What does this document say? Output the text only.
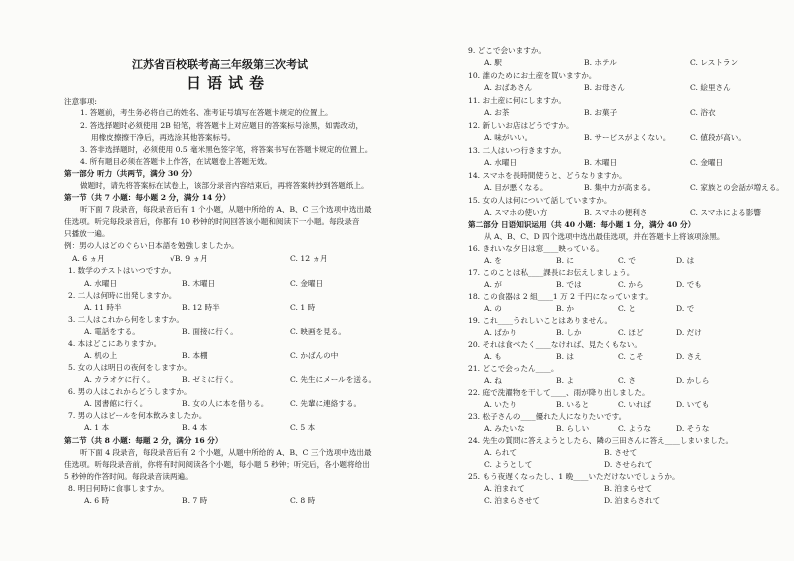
江苏省百校联考高三年级第三次考试
日语试卷
注意事项:
1. 答题前，考生务必将自己的姓名、准考证号填写在答题卡规定的位置上。
2. 答选择题时必须使用 2B 铅笔，将答题卡上对应题目的答案标号涂黑，如需改动，
用橡皮擦擦干净后，再选涂其他答案标号。
3. 答非选择题时，必须使用 0.5 毫米黑色签字笔，将答案书写在答题卡规定的位置上。
4. 所有题目必须在答题卡上作答，在试题卷上答题无效。
第一部分 听力（共两节，满分 30 分）
做题时，请先将答案标在试卷上，该部分录音内容结束后，再将答案转抄到答题纸上。
第一节（共 7 小题：每小题 2 分，满分 14 分）
听下面 7 段录音，每段录音后有 1 个小题，从题中所给的 A、B、C 三个选项中选出最
佳选项。听完每段录音后，你都有 10 秒钟的时间回答该小题和阅读下一小题。每段录音
只播放一遍。
例：男の人はどのぐらい日本語を勉強しましたか。
A. 6 ヵ月	√B. 9 ヵ月	C. 12 ヵ月
1. 数学のテストはいつですか。
A. 水曜日	B. 木曜日	C. 金曜日
2. 二人は何時に出発しますか。
A. 11 時半	B. 12 時半	C. 1 時
3. 二人はこれから何をしますか。
A. 電話をする。	B. 面接に行く。	C. 映画を見る。
4. 本はどこにありますか。
A. 机の上	B. 本棚	C. かばんの中
5. 女の人は明日の夜何をしますか。
A. カラオケに行く。	B. ゼミに行く。	C. 先生にメールを送る。
6. 男の人はこれからどうしますか。
A. 図書館に行く。	B. 女の人に本を借りる。	C. 先輩に連絡する。
7. 男の人はビールを何本飲みましたか。
A. 1 本	B. 4 本	C. 5 本
第二节（共 8 小题：每题 2 分，满分 16 分）
听下面 4 段录音，每段录音后有 2 个小题，从题中所给的 A、B、C 三个选项中选出最
佳选项。听每段录音前，你将有时间阅读各个小题，每小题 5 秒钟；听完后，各小题将给出
5 秒钟的作答时间。每段录音读两遍。
8. 明日何時に食事しますか。
A. 6 時	B. 7 時	C. 8 時
9. どこで会いますか。
A. 駅	B. ホテル	C. レストラン
10. 誰のためにお土産を買いますか。
A. おばあさん	B. お母さん	C. 絵里さん
11. お土産に何にしますか。
A. お茶	B. お菓子	C. 浴衣
12. 新しいお店はどうですか。
A. 味がいい。	B. サービスがよくない。	C. 値段が高い。
13. 二人はいつ行きますか。
A. 水曜日	B. 木曜日	C. 金曜日
14. スマホを長時間使うと、どうなりますか。
A. 目が悪くなる。	B. 集中力が高まる。	C. 家族との会話が増える。
15. 女の人は何について話していますか。
A. スマホの使い方	B. スマホの便利さ	C. スマホによる影響
第二部分 日语知识运用（共 40 小题：每小题 1 分，满分 40 分）
从 A、B、C、D 四个选项中选出最佳选项，并在答题卡上将该项涂黑。
16. きれいな夕日は窓____映っている。
A. を	B. に	C. で	D. は
17. このことは私____課長にお伝えしましょう。
A. が	B. では	C. から	D. でも
18. この食器は 2 組____1 万 2 千円になっています。
A. の	B. か	C. と	D. で
19. これ____うれしいことはありません。
A. ばかり	B. しか	C. ほど	D. だけ
20. それは食べたく____なければ、見たくもない。
A. も	B. は	C. こそ	D. さえ
21. どこで会ったん____。
A. ね	B. よ	C. さ	D. かしら
22. 庭で洗濯物を干して____、雨が降り出しました。
A. いたり	B. いると	C. いれば	D. いても
23. 松子さんの____優れた人になりたいです。
A. みたいな	B. らしい	C. ような	D. そうな
24. 先生の質問に答えようとしたら、隣の三田さんに答え____しまいました。
A. られて	B. させて
C. ようとして	D. させられて
25. もう夜遅くなったし、1 晩____いただけないでしょうか。
A. 泊まれて	B. 泊まらせて
C. 泊まらさせて	D. 泊まらされて
